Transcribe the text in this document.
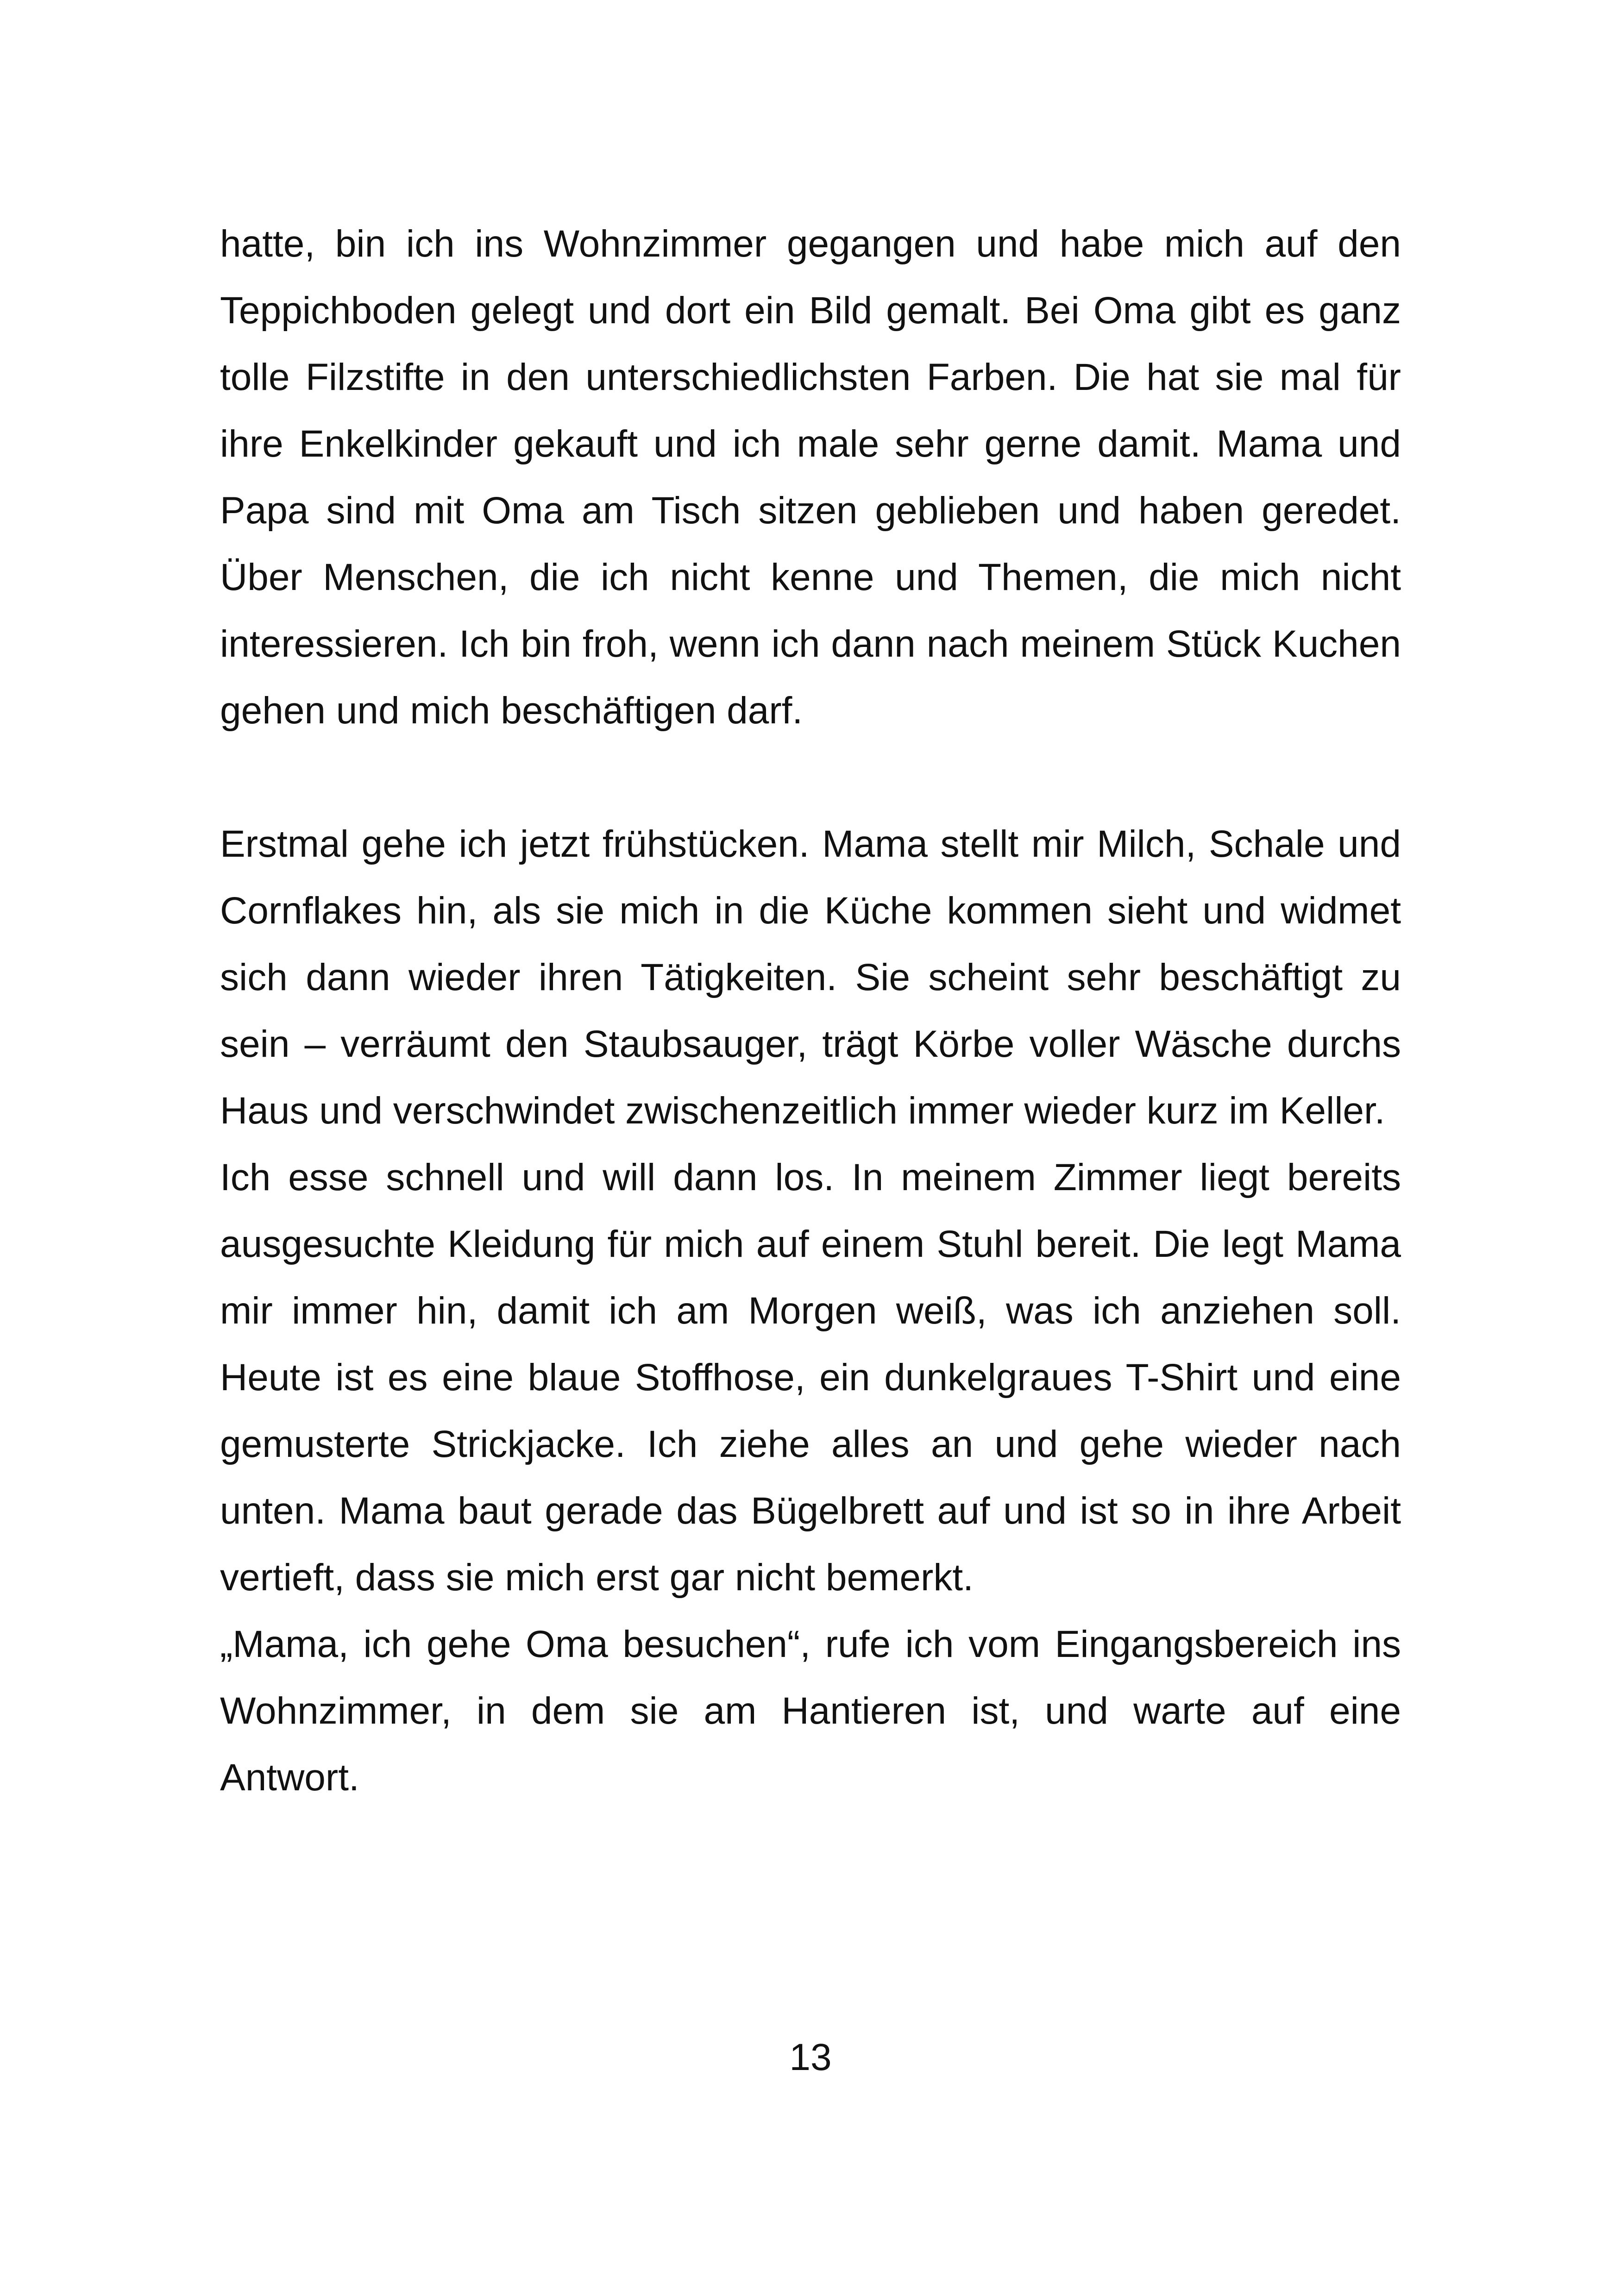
hatte, bin ich ins Wohnzimmer gegangen und habe mich auf den Teppichboden gelegt und dort ein Bild gemalt. Bei Oma gibt es ganz tolle Filzstifte in den unterschiedlichsten Farben. Die hat sie mal für ihre Enkelkinder gekauft und ich male sehr gerne damit. Mama und Papa sind mit Oma am Tisch sitzen geblieben und haben geredet. Über Menschen, die ich nicht kenne und Themen, die mich nicht interessieren. Ich bin froh, wenn ich dann nach meinem Stück Kuchen gehen und mich beschäftigen darf.

Erstmal gehe ich jetzt frühstücken. Mama stellt mir Milch, Schale und Cornflakes hin, als sie mich in die Küche kommen sieht und widmet sich dann wieder ihren Tätigkeiten. Sie scheint sehr beschäftigt zu sein – verräumt den Staubsauger, trägt Körbe voller Wäsche durchs Haus und verschwindet zwischenzeitlich immer wieder kurz im Keller.

Ich esse schnell und will dann los. In meinem Zimmer liegt bereits ausgesuchte Kleidung für mich auf einem Stuhl bereit. Die legt Mama mir immer hin, damit ich am Morgen weiß, was ich anziehen soll. Heute ist es eine blaue Stoffhose, ein dunkelgraues T-Shirt und eine gemusterte Strickjacke. Ich ziehe alles an und gehe wieder nach unten. Mama baut gerade das Bügelbrett auf und ist so in ihre Arbeit vertieft, dass sie mich erst gar nicht bemerkt.

„Mama, ich gehe Oma besuchen“, rufe ich vom Eingangsbereich ins Wohnzimmer, in dem sie am Hantieren ist, und warte auf eine Antwort.

13
